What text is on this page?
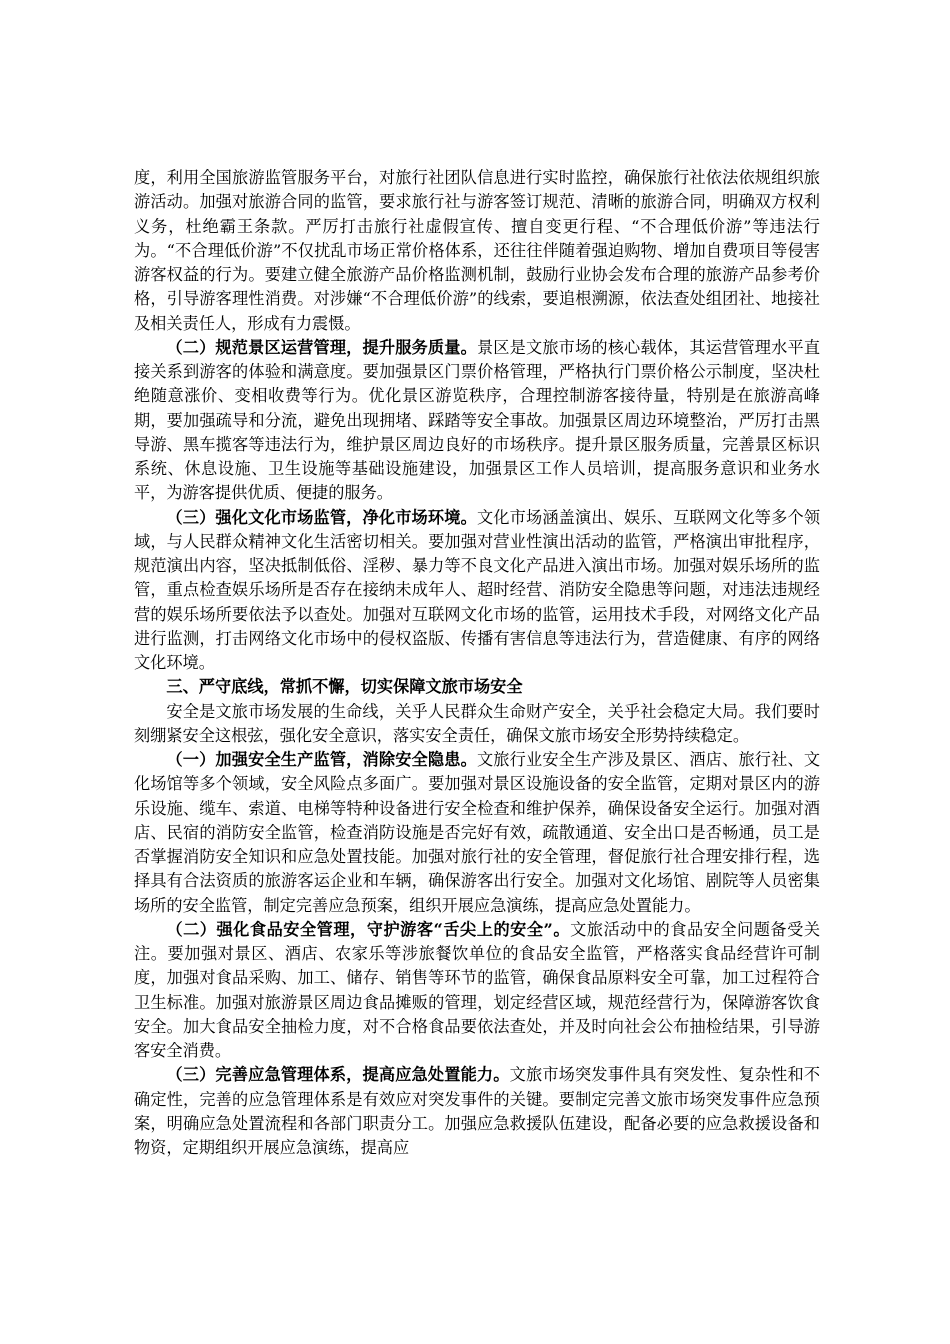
度，利用全国旅游监管服务平台，对旅行社团队信息进行实时监控，确保旅行社依法依规组织旅游活动。加强对旅游合同的监管，要求旅行社与游客签订规范、清晰的旅游合同，明确双方权利义务，杜绝霸王条款。严厉打击旅行社虚假宣传、擅自变更行程、“不合理低价游”等违法行为。“不合理低价游”不仅扰乱市场正常价格体系，还往往伴随着强迫购物、增加自费项目等侵害游客权益的行为。要建立健全旅游产品价格监测机制，鼓励行业协会发布合理的旅游产品参考价格，引导游客理性消费。对涉嫌“不合理低价游”的线索，要追根溯源，依法查处组团社、地接社及相关责任人，形成有力震慑。

（二）规范景区运营管理，提升服务质量。景区是文旅市场的核心载体，其运营管理水平直接关系到游客的体验和满意度。要加强景区门票价格管理，严格执行门票价格公示制度，坚决杜绝随意涨价、变相收费等行为。优化景区游览秩序，合理控制游客接待量，特别是在旅游高峰期，要加强疏导和分流，避免出现拥堵、踩踏等安全事故。加强景区周边环境整治，严厉打击黑导游、黑车揽客等违法行为，维护景区周边良好的市场秩序。提升景区服务质量，完善景区标识系统、休息设施、卫生设施等基础设施建设，加强景区工作人员培训，提高服务意识和业务水平，为游客提供优质、便捷的服务。

（三）强化文化市场监管，净化市场环境。文化市场涵盖演出、娱乐、互联网文化等多个领域，与人民群众精神文化生活密切相关。要加强对营业性演出活动的监管，严格演出审批程序，规范演出内容，坚决抵制低俗、淫秽、暴力等不良文化产品进入演出市场。加强对娱乐场所的监管，重点检查娱乐场所是否存在接纳未成年人、超时经营、消防安全隐患等问题，对违法违规经营的娱乐场所要依法予以查处。加强对互联网文化市场的监管，运用技术手段，对网络文化产品进行监测，打击网络文化市场中的侵权盗版、传播有害信息等违法行为，营造健康、有序的网络文化环境。

三、严守底线，常抓不懈，切实保障文旅市场安全

安全是文旅市场发展的生命线，关乎人民群众生命财产安全，关乎社会稳定大局。我们要时刻绷紧安全这根弦，强化安全意识，落实安全责任，确保文旅市场安全形势持续稳定。

（一）加强安全生产监管，消除安全隐患。文旅行业安全生产涉及景区、酒店、旅行社、文化场馆等多个领域，安全风险点多面广。要加强对景区设施设备的安全监管，定期对景区内的游乐设施、缆车、索道、电梯等特种设备进行安全检查和维护保养，确保设备安全运行。加强对酒店、民宿的消防安全监管，检查消防设施是否完好有效，疏散通道、安全出口是否畅通，员工是否掌握消防安全知识和应急处置技能。加强对旅行社的安全管理，督促旅行社合理安排行程，选择具有合法资质的旅游客运企业和车辆，确保游客出行安全。加强对文化场馆、剧院等人员密集场所的安全监管，制定完善应急预案，组织开展应急演练，提高应急处置能力。

（二）强化食品安全管理，守护游客“舌尖上的安全”。文旅活动中的食品安全问题备受关注。要加强对景区、酒店、农家乐等涉旅餐饮单位的食品安全监管，严格落实食品经营许可制度，加强对食品采购、加工、储存、销售等环节的监管，确保食品原料安全可靠，加工过程符合卫生标准。加强对旅游景区周边食品摊贩的管理，划定经营区域，规范经营行为，保障游客饮食安全。加大食品安全抽检力度，对不合格食品要依法查处，并及时向社会公布抽检结果，引导游客安全消费。

（三）完善应急管理体系，提高应急处置能力。文旅市场突发事件具有突发性、复杂性和不确定性，完善的应急管理体系是有效应对突发事件的关键。要制定完善文旅市场突发事件应急预案，明确应急处置流程和各部门职责分工。加强应急救援队伍建设，配备必要的应急救援设备和物资，定期组织开展应急演练，提高应
